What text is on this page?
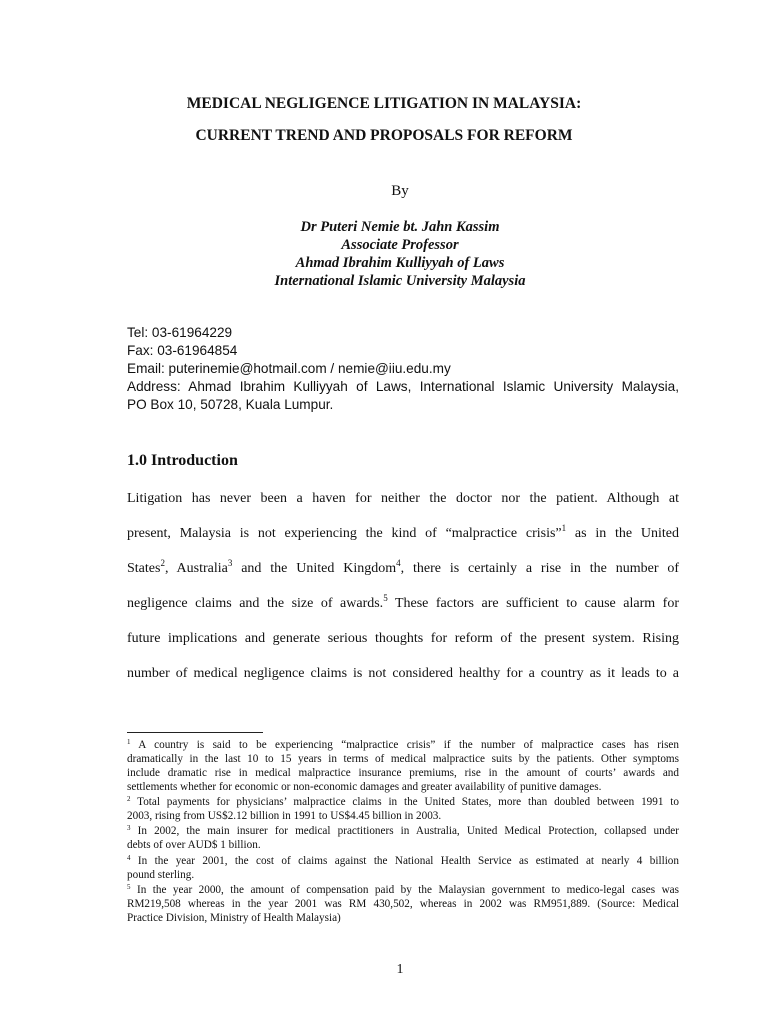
MEDICAL NEGLIGENCE LITIGATION IN MALAYSIA:
CURRENT TREND AND PROPOSALS FOR REFORM
By
Dr Puteri Nemie bt. Jahn Kassim
Associate Professor
Ahmad Ibrahim Kulliyyah of Laws
International Islamic University Malaysia
Tel: 03-61964229
Fax: 03-61964854
Email: puterinemie@hotmail.com / nemie@iiu.edu.my
Address: Ahmad Ibrahim Kulliyyah of Laws, International Islamic University Malaysia,
PO Box 10, 50728, Kuala Lumpur.
1.0 Introduction
Litigation has never been a haven for neither the doctor nor the patient. Although at
present, Malaysia is not experiencing the kind of “malpractice crisis”$^1$ as in the United
States$^2$, Australia$^3$ and the United Kingdom$^4$, there is certainly a rise in the number of
negligence claims and the size of awards.$^5$ These factors are sufficient to cause alarm for
future implications and generate serious thoughts for reform of the present system. Rising
number of medical negligence claims is not considered healthy for a country as it leads to a
$^1$ A country is said to be experiencing “malpractice crisis” if the number of malpractice cases has risen
dramatically in the last 10 to 15 years in terms of medical malpractice suits by the patients. Other symptoms
include dramatic rise in medical malpractice insurance premiums, rise in the amount of courts’ awards and
settlements whether for economic or non-economic damages and greater availability of punitive damages.
$^2$ Total payments for physicians’ malpractice claims in the United States, more than doubled between 1991 to
2003, rising from US$2.12 billion in 1991 to US$4.45 billion in 2003.
$^3$ In 2002, the main insurer for medical practitioners in Australia, United Medical Protection, collapsed under
debts of over AUD$ 1 billion.
$^4$ In the year 2001, the cost of claims against the National Health Service as estimated at nearly 4 billion
pound sterling.
$^5$ In the year 2000, the amount of compensation paid by the Malaysian government to medico-legal cases was
RM219,508 whereas in the year 2001 was RM 430,502, whereas in 2002 was RM951,889. (Source: Medical
Practice Division, Ministry of Health Malaysia)
1
